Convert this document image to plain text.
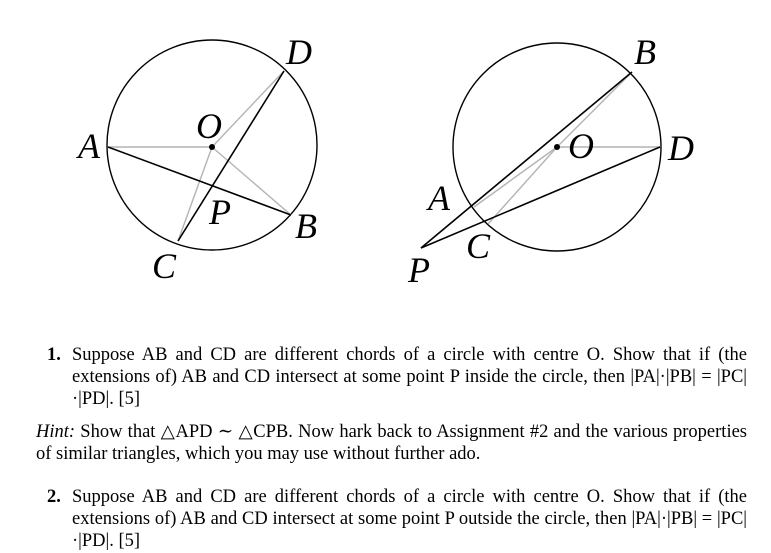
A	O
D
P B
C
B
O D
A
C
P
1. Suppose AB and CD are different chords of a circle with centre O. Show that if (the extensions of) AB and CD intersect at some point P inside the circle, then |PA|·|PB| = |PC|·|PD|. [5]
Hint: Show that △APD ∼ △CPB. Now hark back to Assignment #2 and the various properties of similar triangles, which you may use without further ado.
2. Suppose AB and CD are different chords of a circle with centre O. Show that if (the extensions of) AB and CD intersect at some point P outside the circle, then |PA|·|PB| = |PC|·|PD|. [5]
